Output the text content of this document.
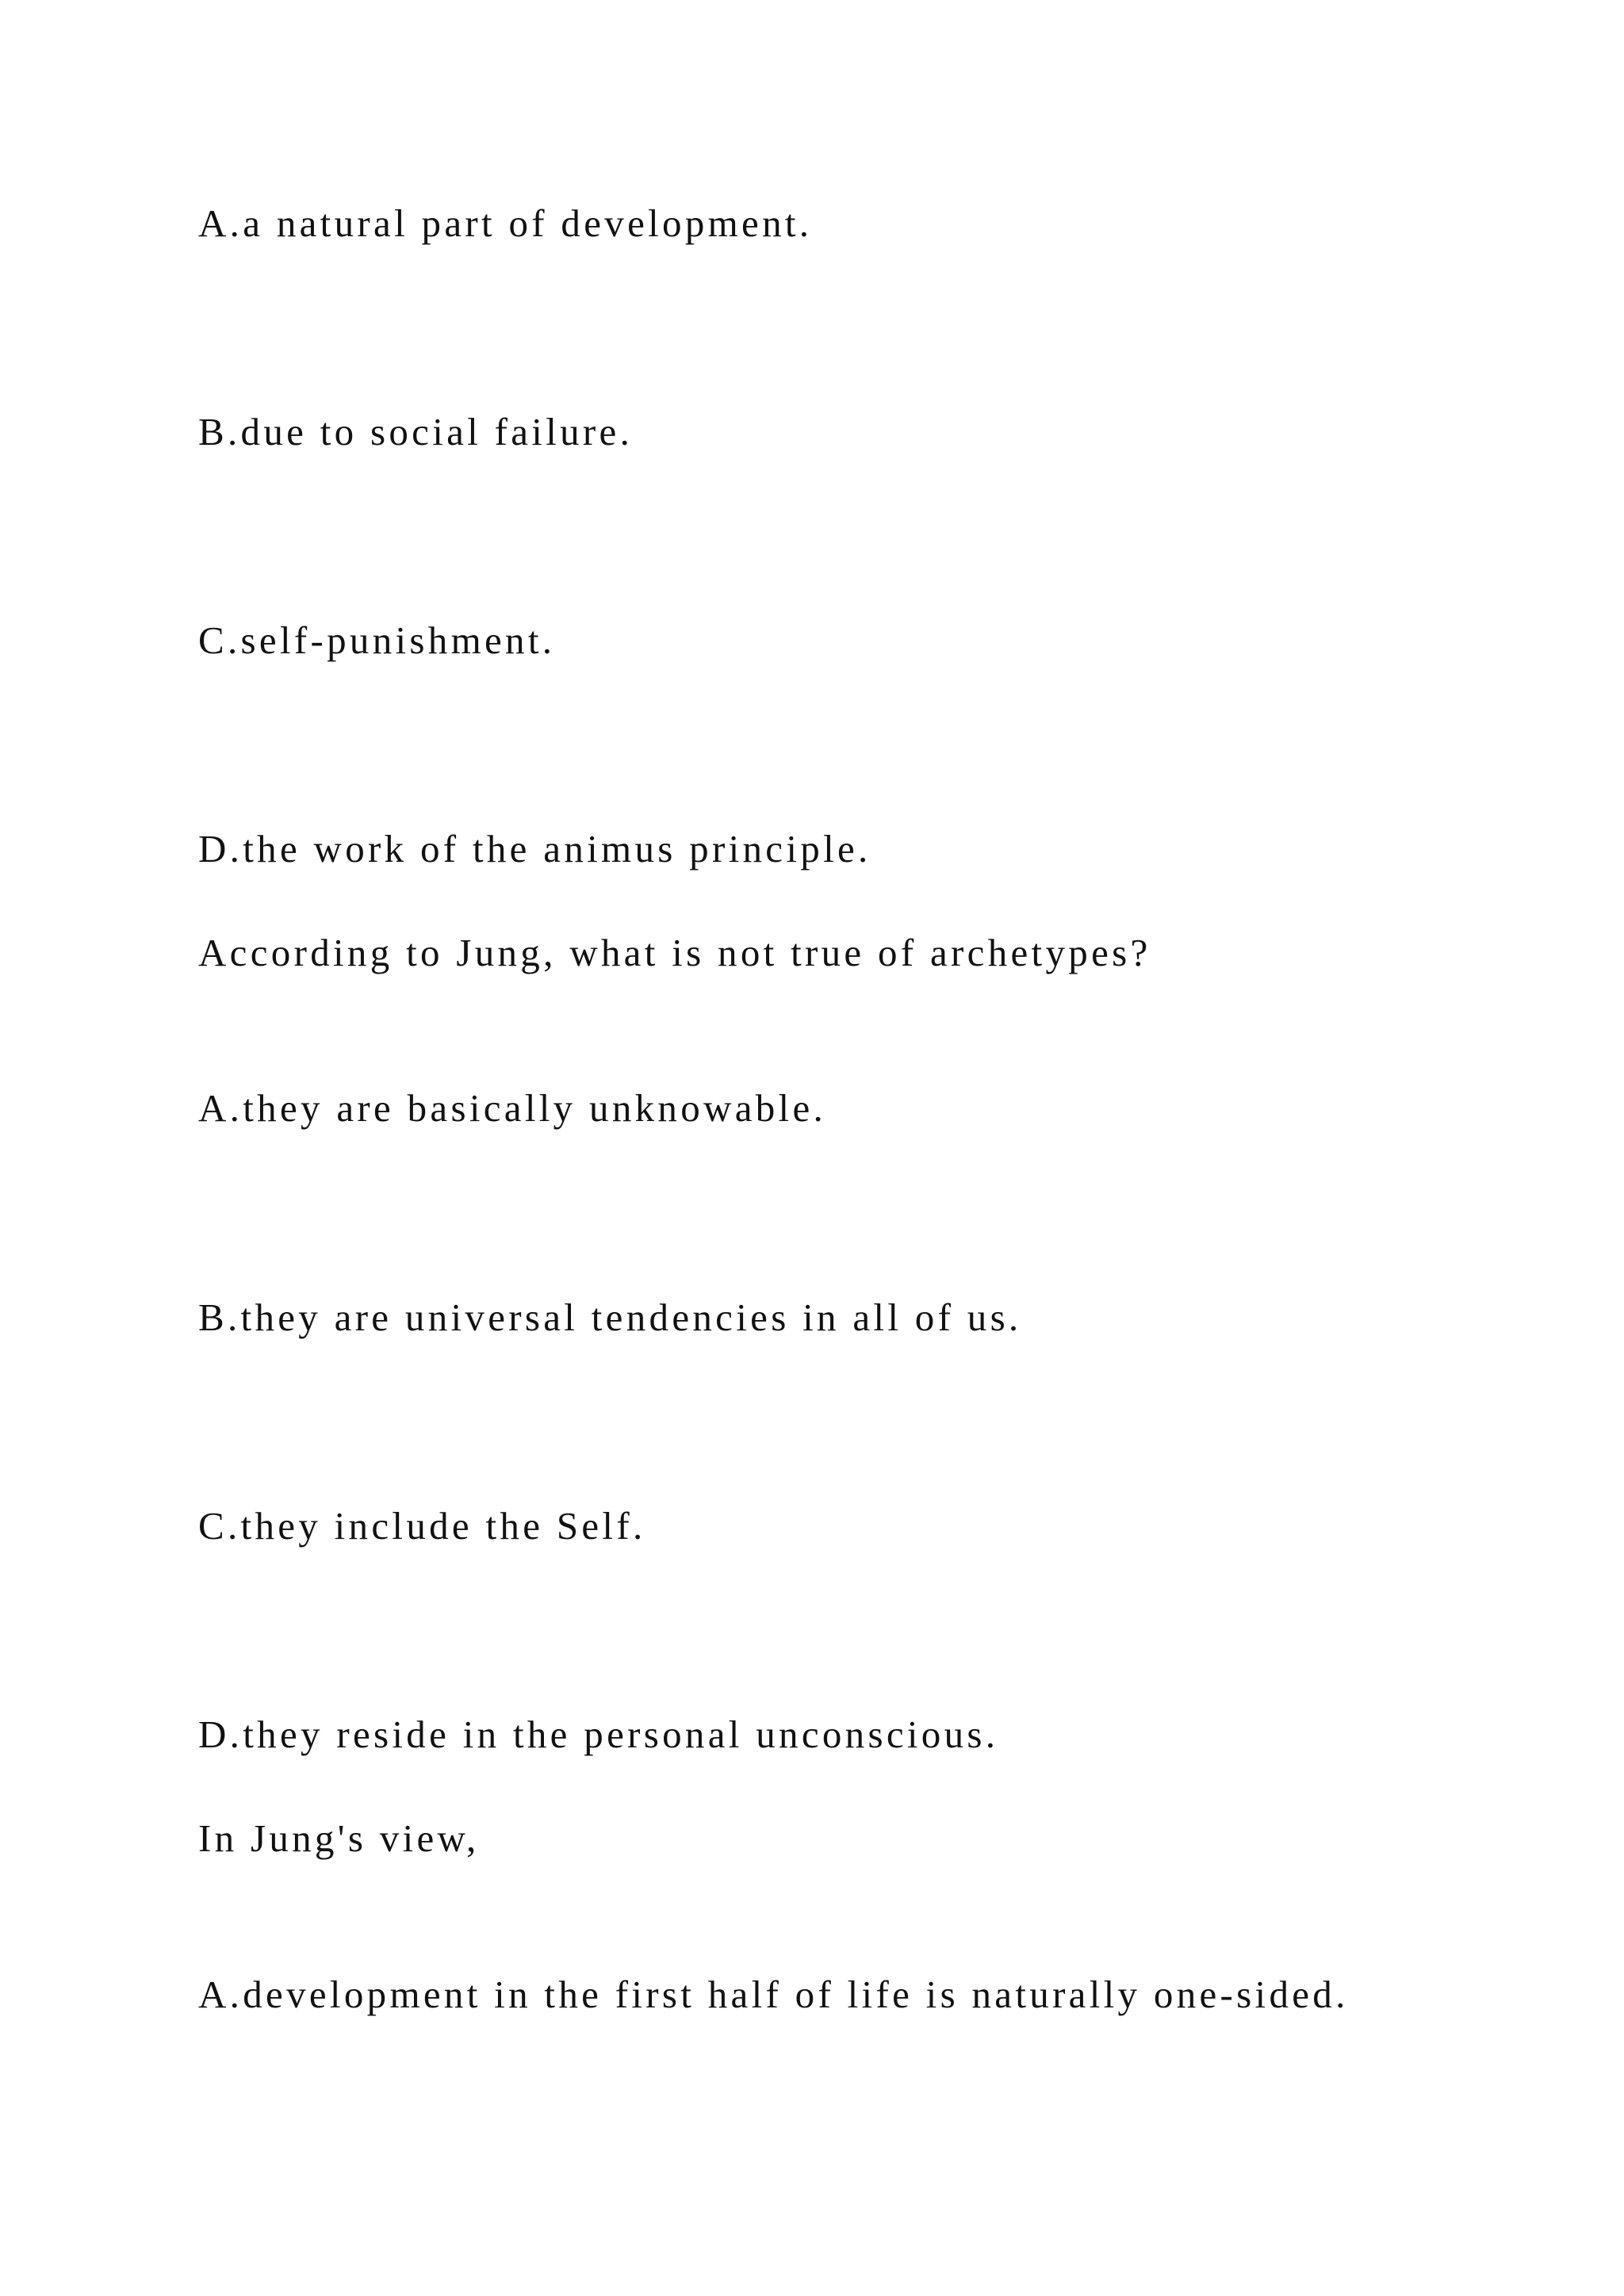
A.a natural part of development.

B.due to social failure.

C.self-punishment.

D.the work of the animus principle.

According to Jung, what is not true of archetypes?

A.they are basically unknowable.

B.they are universal tendencies in all of us.

C.they include the Self.

D.they reside in the personal unconscious.

In Jung's view,

A.development in the first half of life is naturally one-sided.
